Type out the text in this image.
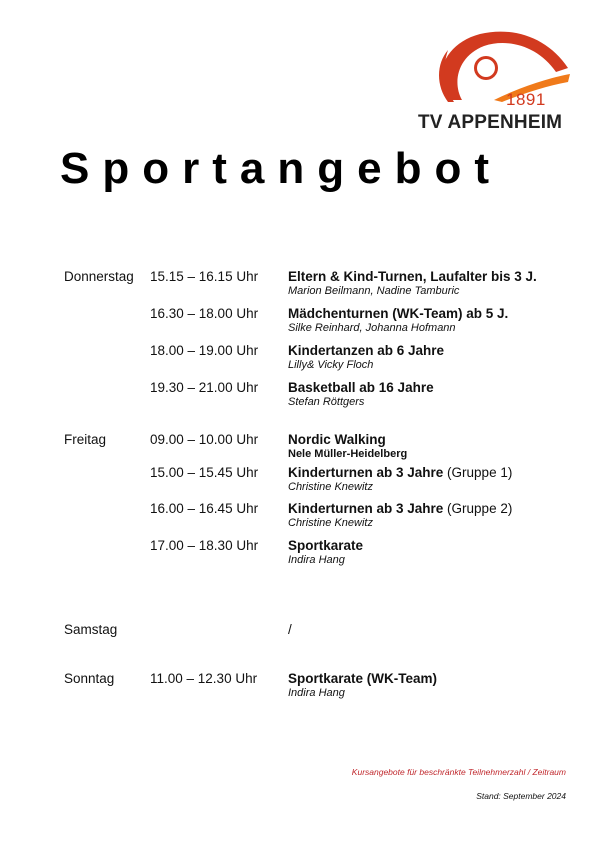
1891
TV APPENHEIM
Sportangebot
Donnerstag 15.15 – 16.15 Uhr Eltern & Kind-Turnen, Laufalter bis 3 J.
Marion Beilmann, Nadine Tamburic
16.30 – 18.00 Uhr Mädchenturnen (WK-Team) ab 5 J.
Silke Reinhard, Johanna Hofmann
18.00 – 19.00 Uhr Kindertanzen ab 6 Jahre
Lilly& Vicky Floch
19.30 – 21.00 Uhr Basketball ab 16 Jahre
Stefan Röttgers
Freitag	09.00 – 10.00 Uhr Nordic Walking
Nele Müller-Heidelberg
15.00 – 15.45 Uhr Kinderturnen ab 3 Jahre (Gruppe 1)
Christine Knewitz
16.00 – 16.45 Uhr Kinderturnen ab 3 Jahre (Gruppe 2)
Christine Knewitz
17.00 – 18.30 Uhr Sportkarate
Indira Hang
Samstag	/
Sonntag	11.00 – 12.30 Uhr Sportkarate (WK-Team)
Indira Hang
Kursangebote für beschränkte Teilnehmerzahl / Zeitraum
Stand: September 2024
